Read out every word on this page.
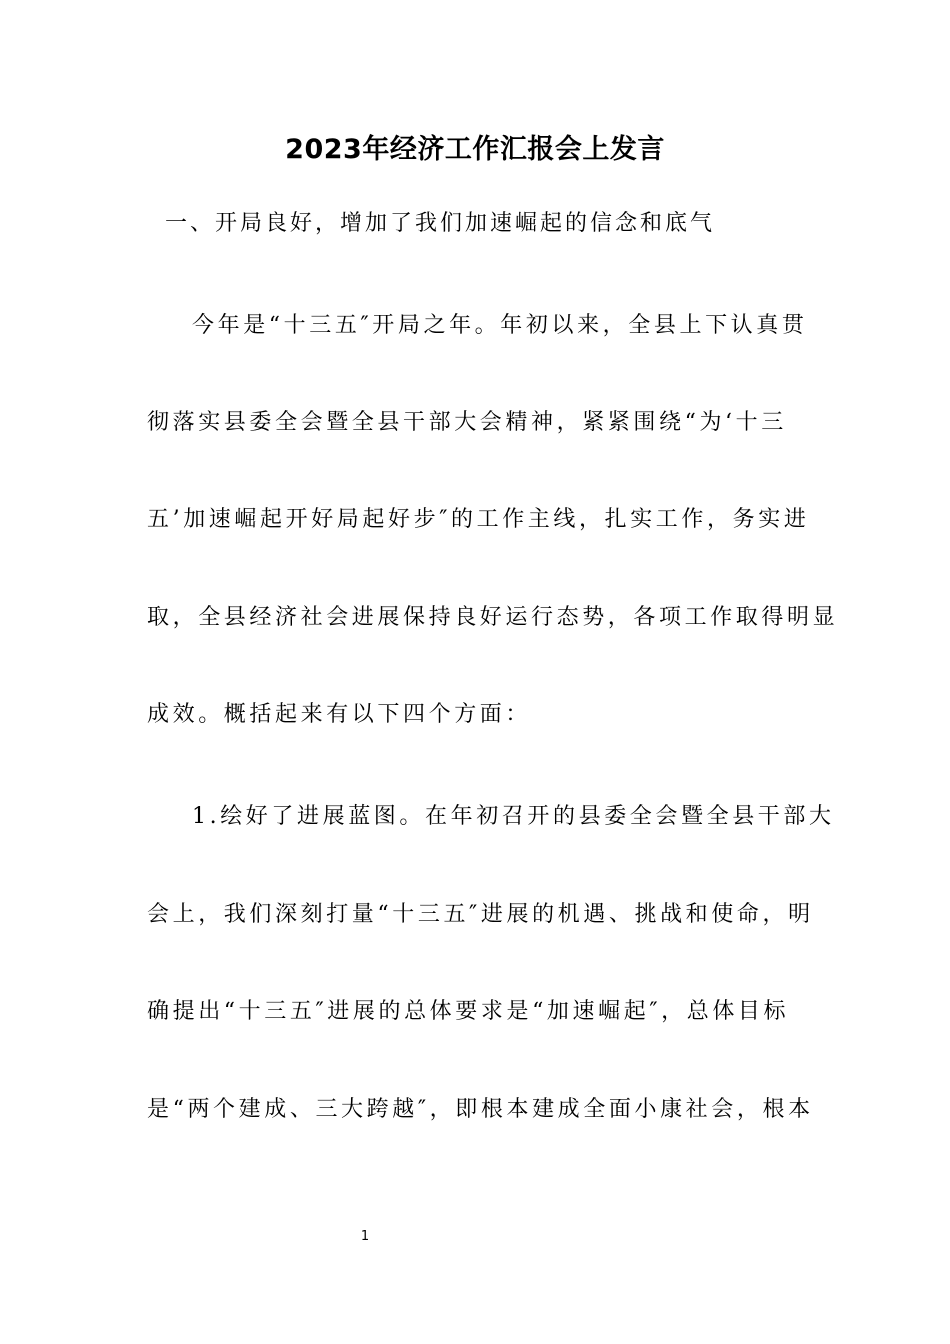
2023年经济工作汇报会上发言
一、开局良好，增加了我们加速崛起的信念和底气
今年是“十三五″开局之年。年初以来，全县上下认真贯
彻落实县委全会暨全县干部大会精神，紧紧围绕“为‘十三
五’加速崛起开好局起好步″的工作主线，扎实工作，务实进
取，全县经济社会进展保持良好运行态势，各项工作取得明显
成效。概括起来有以下四个方面：
1.绘好了进展蓝图。在年初召开的县委全会暨全县干部大
会上，我们深刻打量“十三五″进展的机遇、挑战和使命，明
确提出“十三五″进展的总体要求是“加速崛起″，总体目标
是“两个建成、三大跨越″，即根本建成全面小康社会，根本
1
